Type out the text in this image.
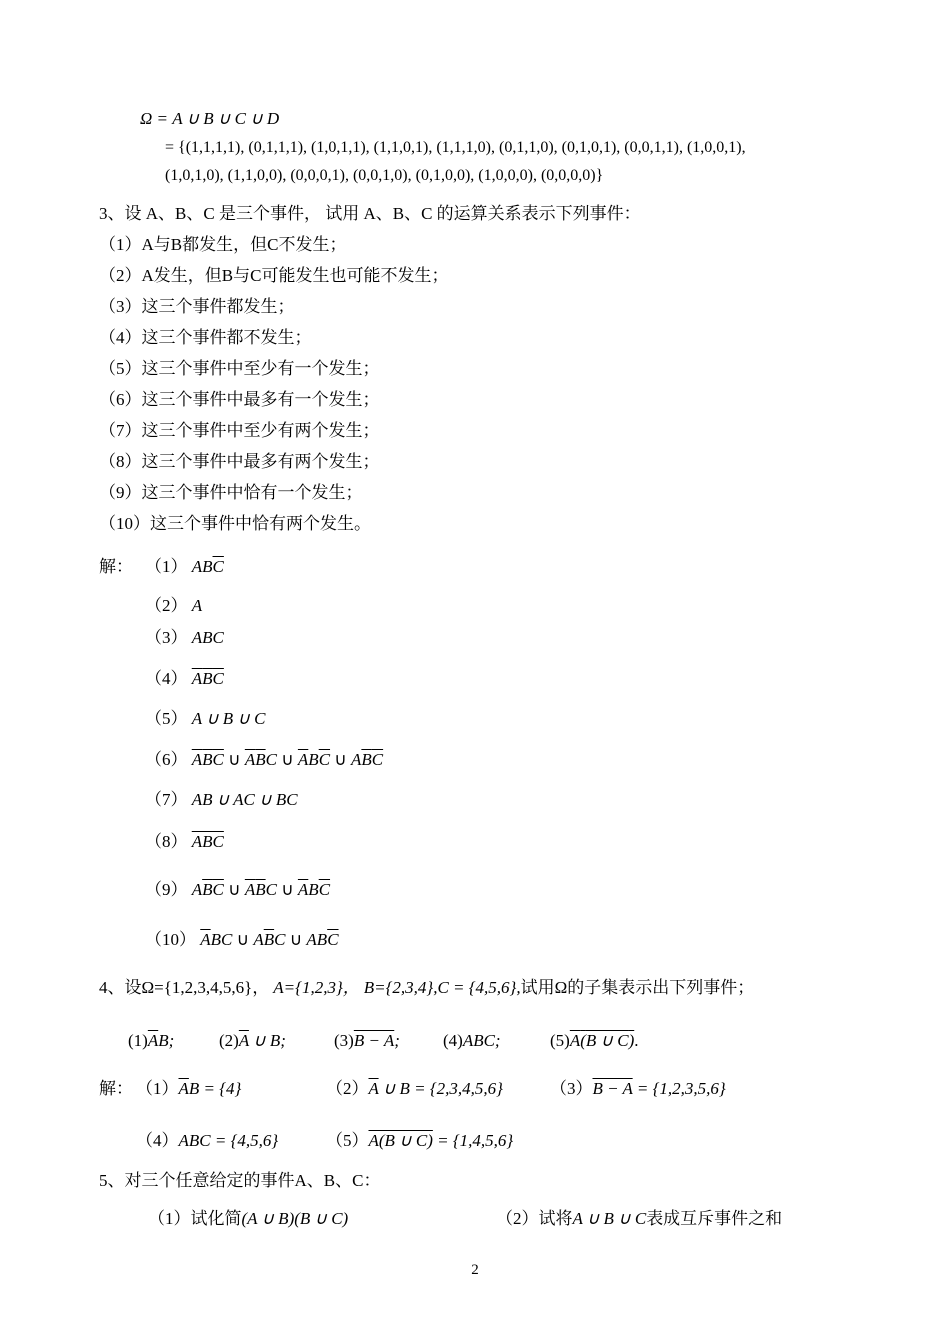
Ω = A ∪ B ∪ C ∪ D
= {(1,1,1,1), (0,1,1,1), (1,0,1,1), (1,1,0,1), (1,1,1,0), (0,1,1,0), (0,1,0,1), (0,0,1,1), (1,0,0,1),
(1,0,1,0), (1,1,0,0), (0,0,0,1), (0,0,1,0), (0,1,0,0), (1,0,0,0), (0,0,0,0)}
3、设 A、B、C 是三个事件， 试用 A、B、C 的运算关系表示下列事件：
（1）A与B都发生，但C不发生；
（2）A发生，但B与C可能发生也可能不发生；
（3）这三个事件都发生；
（4）这三个事件都不发生；
（5）这三个事件中至少有一个发生；
（6）这三个事件中最多有一个发生；
（7）这三个事件中至少有两个发生；
（8）这三个事件中最多有两个发生；
（9）这三个事件中恰有一个发生；
（10）这三个事件中恰有两个发生。
解： （1） $AB\overline{C}$
（2） A
（3） ABC
（4） $\overline{A}\overline{B}\overline{C}$
（5） A ∪ B ∪ C
（6） $\overline{A}\overline{B}\overline{C}$ ∪ $\overline{A}\overline{B}C$ ∪ $\overline{A}B\overline{C}$ ∪ $A\overline{B}\overline{C}$
（7） AB ∪ AC ∪ BC
（8） $\overline{ABC}$
（9） $A\overline{B}\overline{C}$ ∪ $\overline{A}\overline{B}C$ ∪ $\overline{A}B\overline{C}$
（10） $\overline{A}BC$ ∪ $A\overline{B}C$ ∪ $AB\overline{C}$
4、设Ω={1,2,3,4,5,6}， A={1,2,3}， B={2,3,4},C = {4,5,6},试用Ω的子集表示出下列事件；
$(1)\overline{A}B$;	$(2)\overline{A}$ ∪ B;	(3)B − A;	(4)ABC;	(5)A(B ∪ C).
解： $(1)\overline{A}B = \{4\}$	$(2)\overline{A}$ ∪ B = {2,3,4,5,6}	（3）B − A = {1,2,3,5,6}
（4）ABC = {4,5,6}	（5）A(B ∪ C) = {1,4,5,6}
5、对三个任意给定的事件A、B、C：
（1）试化简(A ∪ B)(B ∪ C)	（2）试将A ∪ B ∪ C表成互斥事件之和
2
